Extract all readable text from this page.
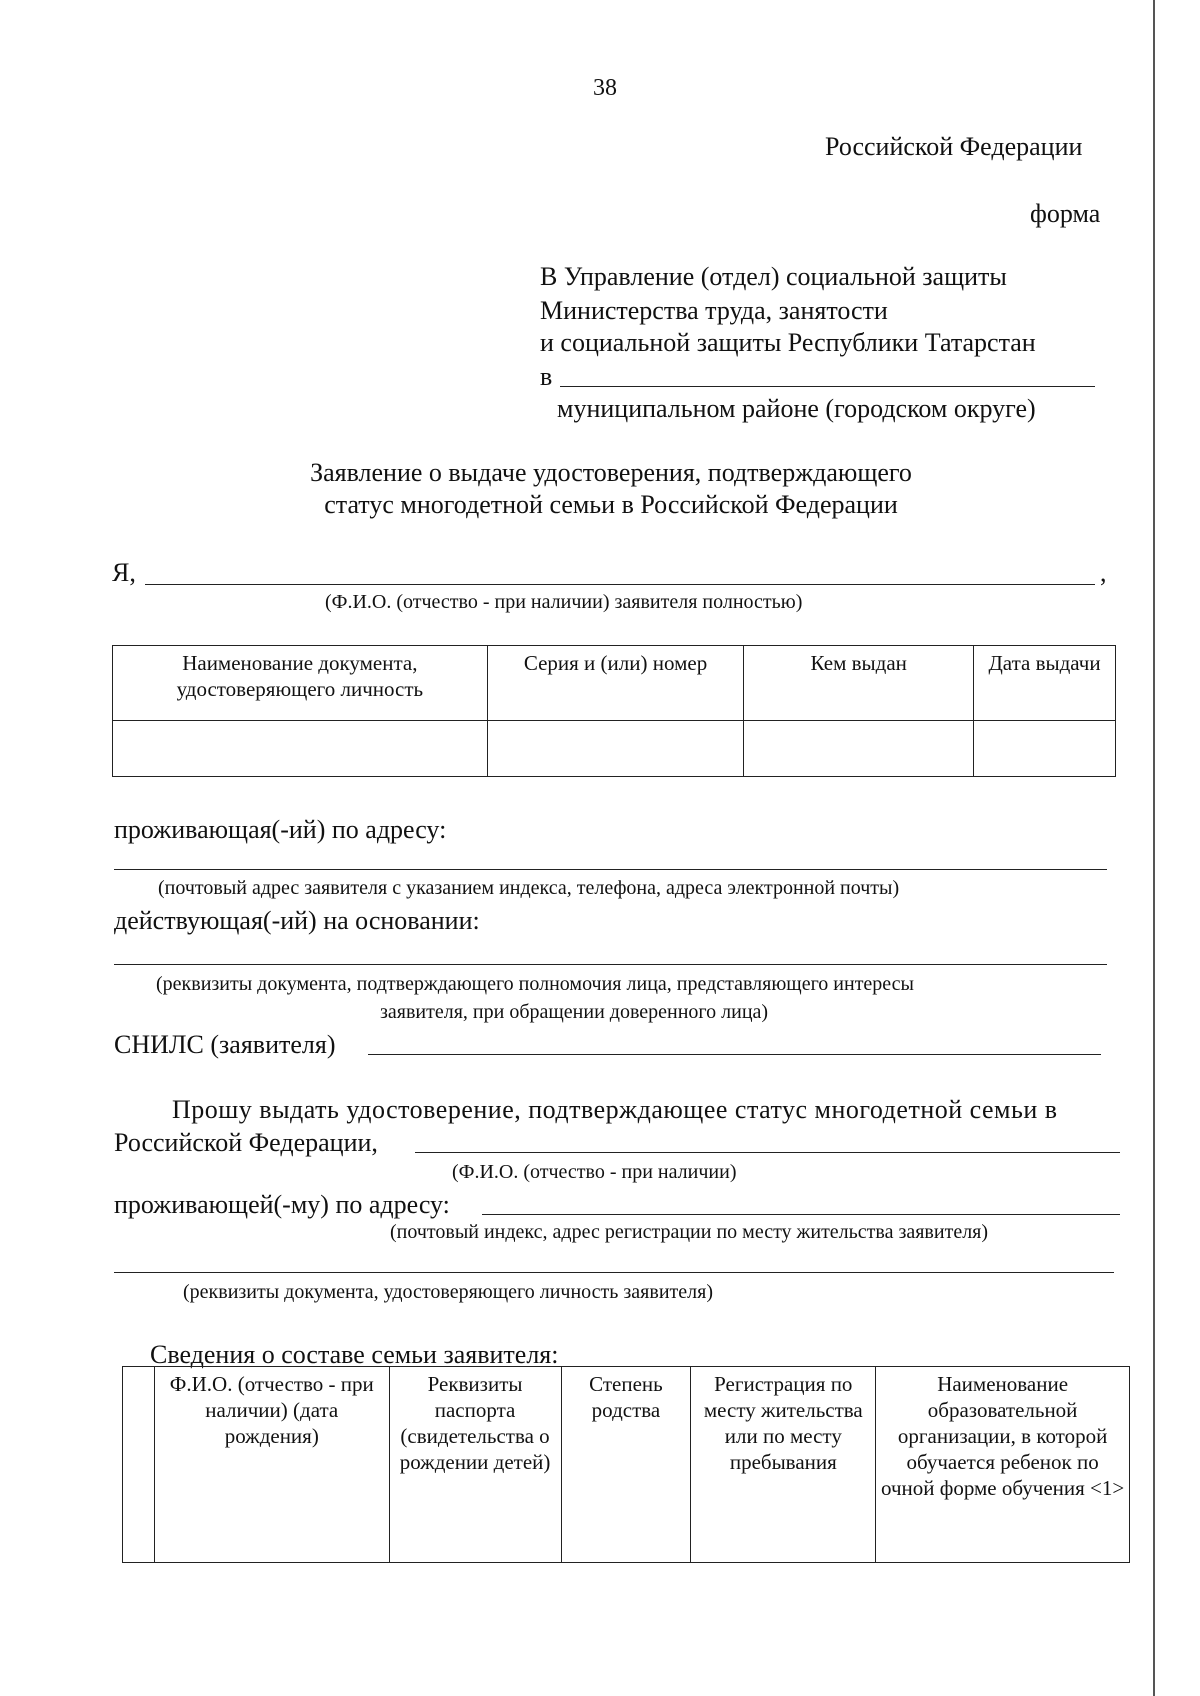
38
Российской Федерации
форма
В Управление (отдел) социальной защиты
Министерства труда, занятости
и социальной защиты Республики Татарстан
в
муниципальном районе (городском округе)
Заявление о выдаче удостоверения, подтверждающего
статус многодетной семьи в Российской Федерации
Я,	,
(Ф.И.О. (отчество - при наличии) заявителя полностью)
Наименование документа, удостоверяющего личность	Серия и (или) номер	Кем выдан	Дата выдачи

проживающая(-ий) по адресу:
(почтовый адрес заявителя с указанием индекса, телефона, адреса электронной почты)
действующая(-ий) на основании:
(реквизиты документа, подтверждающего полномочия лица, представляющего интересы
заявителя, при обращении доверенного лица)
СНИЛС (заявителя)
Прошу выдать удостоверение, подтверждающее статус многодетной семьи в
Российской Федерации,
(Ф.И.О. (отчество - при наличии)
проживающей(-му) по адресу:
(почтовый индекс, адрес регистрации по месту жительства заявителя)
(реквизиты документа, удостоверяющего личность заявителя)
Сведения о составе семьи заявителя:
	Ф.И.О. (отчество - при наличии) (дата рождения)	Реквизиты паспорта (свидетельства о рождении детей)	Степень родства	Регистрация по месту жительства или по месту пребывания	Наименование образовательной организации, в которой обучается ребенок по очной форме обучения <1>
